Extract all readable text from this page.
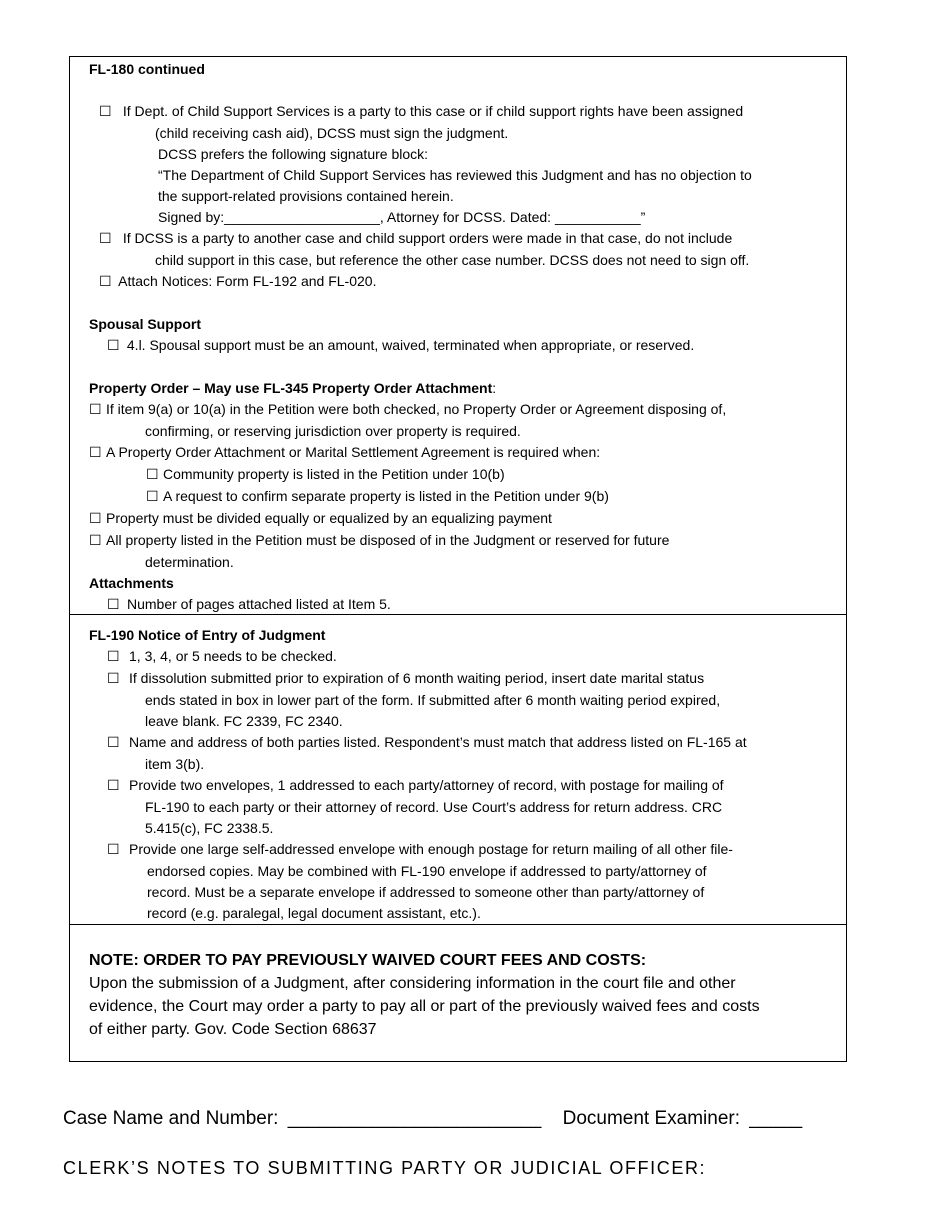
FL-180 continued
☐ If Dept. of Child Support Services is a party to this case or if child support rights have been assigned
(child receiving cash aid), DCSS must sign the judgment.
DCSS prefers the following signature block:
“The Department of Child Support Services has reviewed this Judgment and has no objection to
the support-related provisions contained herein.
Signed by:____________________, Attorney for DCSS. Dated: ___________”
☐ If DCSS is a party to another case and child support orders were made in that case, do not include
child support in this case, but reference the other case number. DCSS does not need to sign off.
☐ Attach Notices: Form FL-192 and FL-020.
Spousal Support
☐ 4.l. Spousal support must be an amount, waived, terminated when appropriate, or reserved.
Property Order – May use FL-345 Property Order Attachment:
☐ If item 9(a) or 10(a) in the Petition were both checked, no Property Order or Agreement disposing of,
confirming, or reserving jurisdiction over property is required.
☐ A Property Order Attachment or Marital Settlement Agreement is required when:
☐ Community property is listed in the Petition under 10(b)
☐ A request to confirm separate property is listed in the Petition under 9(b)
☐ Property must be divided equally or equalized by an equalizing payment
☐ All property listed in the Petition must be disposed of in the Judgment or reserved for future
determination.
Attachments
☐ Number of pages attached listed at Item 5.
FL-190 Notice of Entry of Judgment
☐ 1, 3, 4, or 5 needs to be checked.
☐ If dissolution submitted prior to expiration of 6 month waiting period, insert date marital status
ends stated in box in lower part of the form. If submitted after 6 month waiting period expired,
leave blank. FC 2339, FC 2340.
☐ Name and address of both parties listed. Respondent’s must match that address listed on FL-165 at
item 3(b).
☐ Provide two envelopes, 1 addressed to each party/attorney of record, with postage for mailing of
FL-190 to each party or their attorney of record. Use Court’s address for return address. CRC
5.415(c), FC 2338.5.
☐ Provide one large self-addressed envelope with enough postage for return mailing of all other file-
endorsed copies. May be combined with FL-190 envelope if addressed to party/attorney of
record. Must be a separate envelope if addressed to someone other than party/attorney of
record (e.g. paralegal, legal document assistant, etc.).
NOTE: ORDER TO PAY PREVIOUSLY WAIVED COURT FEES AND COSTS:
Upon the submission of a Judgment, after considering information in the court file and other
evidence, the Court may order a party to pay all or part of the previously waived fees and costs
of either party. Gov. Code Section 68637
Case Name and Number: ________________________ Document Examiner: _____
CLERK’S NOTES TO SUBMITTING PARTY OR JUDICIAL OFFICER:
